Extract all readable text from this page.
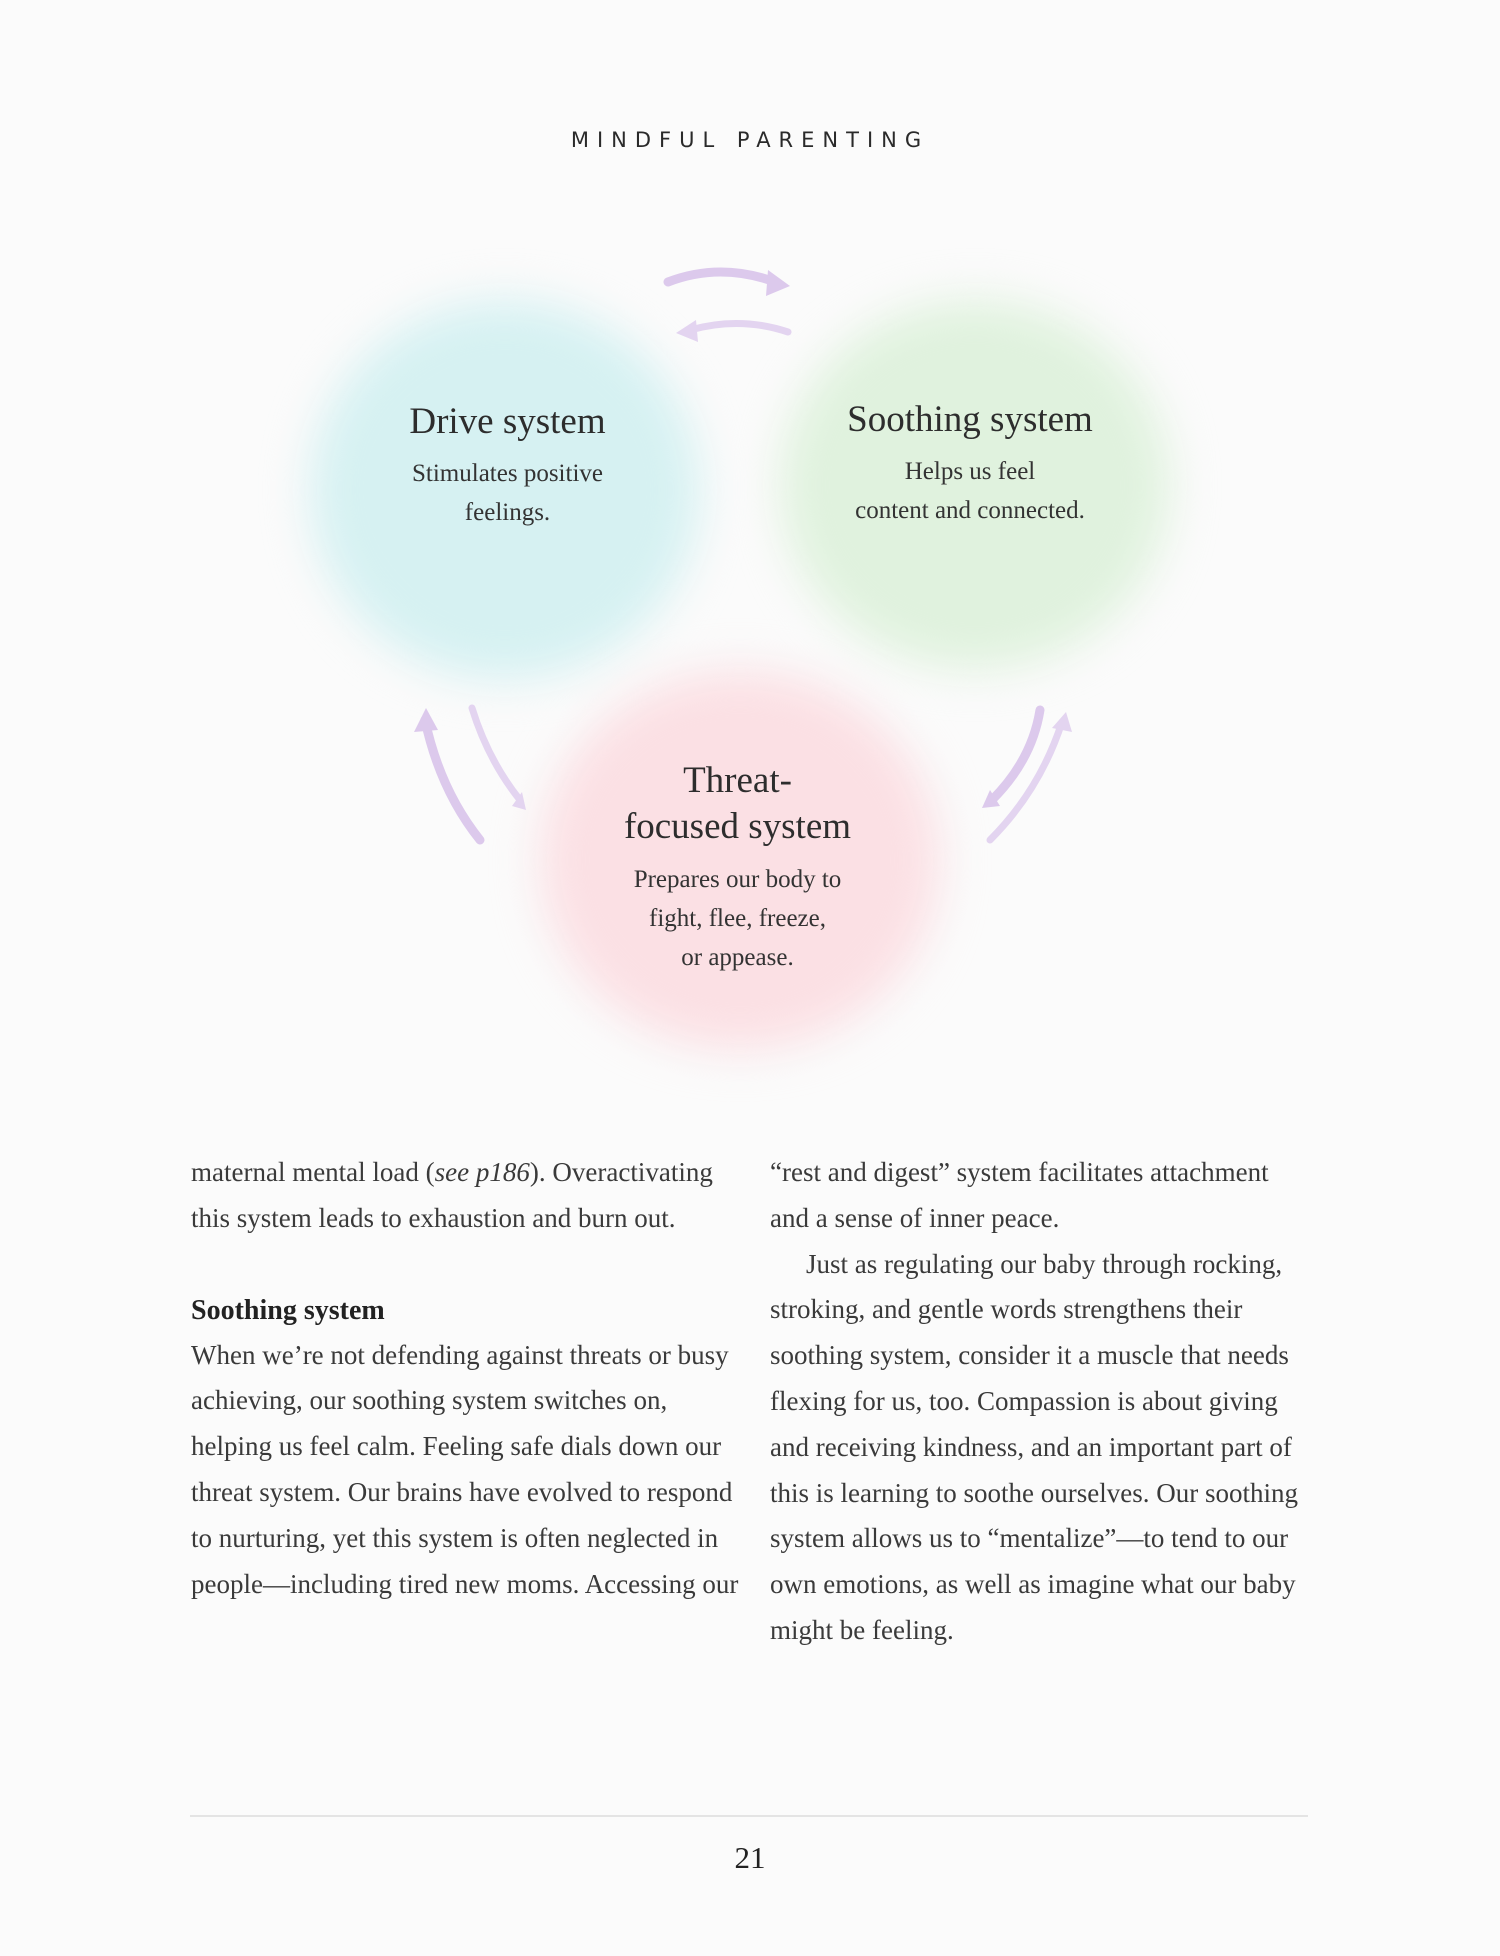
MINDFUL PARENTING
Drive system
Stimulates positive
feelings.
Soothing system
Helps us feel
content and connected.
Threat-
focused system
Prepares our body to
fight, flee, freeze,
or appease.

maternal mental load (see p186). Overactivating this system leads to exhaustion and burn out.

Soothing system

When we’re not defending against threats or busy achieving, our soothing system switches on, helping us feel calm. Feeling safe dials down our threat system. Our brains have evolved to respond to nurturing, yet this system is often neglected in people—including tired new moms. Accessing our

“rest and digest” system facilitates attachment and a sense of inner peace.

Just as regulating our baby through rocking, stroking, and gentle words strengthens their soothing system, consider it a muscle that needs flexing for us, too. Compassion is about giving and receiving kindness, and an important part of this is learning to soothe ourselves. Our soothing system allows us to “mentalize”—to tend to our own emotions, as well as imagine what our baby might be feeling.

21
